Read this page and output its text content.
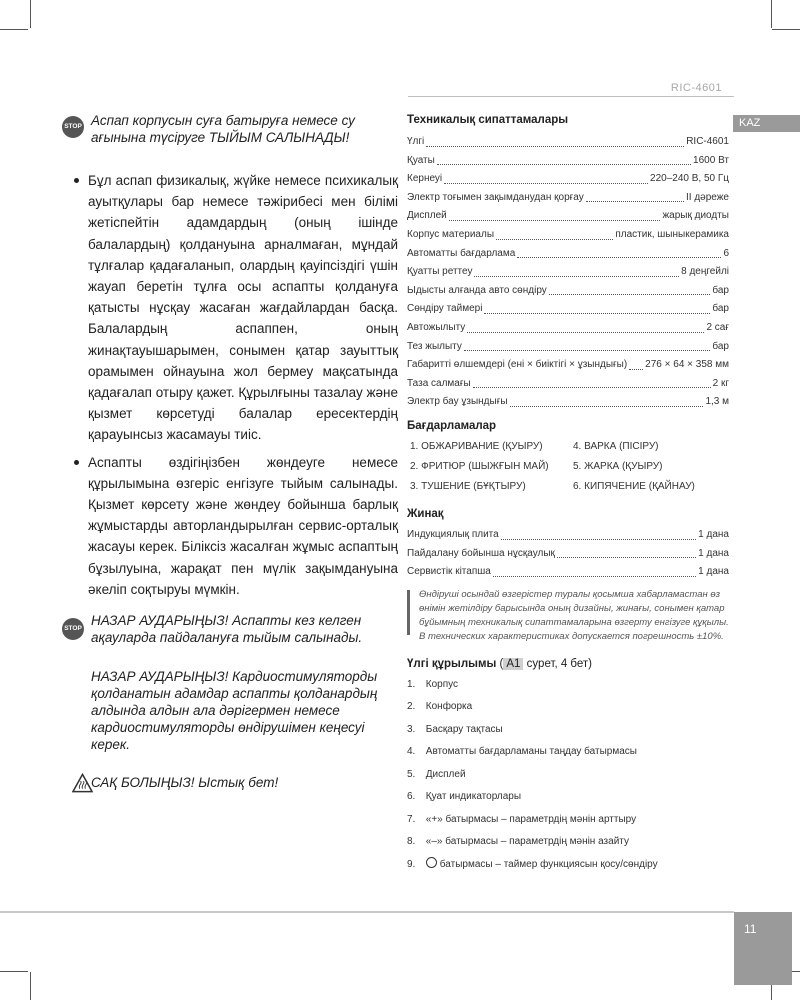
RIC-4601
KAZ
STOP Аспап корпусын суға батыруға немесе су ағынына түсіруге ТЫЙЫМ САЛЫНАДЫ!
Бұл аспап физикалық, жүйке немесе психикалық ауытқулары бар немесе тәжірибесі мен білімі жетіспейтін адамдардың (оның ішінде балалардың) қолдануына арналмаған, мұндай тұлғалар қадағаланып, олардың қауіпсіздігі үшін жауап беретін тұлға осы аспапты қолдануға қатысты нұсқау жасаған жағдайлардан басқа. Балалардың аспаппен, оның жинақтауышарымен, сонымен қатар зауыттық орамымен ойнауына жол бермеу мақсатында қадағалап отыру қажет. Құрылғыны тазалау және қызмет көрсетуді балалар ересектердің қарауынсыз жасамауы тиіс.
Аспапты өздігіңізбен жөндеуге немесе құрылымына өзгеріс енгізуге тыйым салынады. Қызмет көрсету және жөндеу бойынша барлық жұмыстарды авторландырылған сервис-орталық жасауы керек. Біліксіз жасалған жұмыс аспаптың бұзылуына, жарақат пен мүлік зақымдануына әкеліп соқтыруы мүмкін.
STOP
НАЗАР АУДАРЫҢЫЗ! Аспапты кез келген ақауларда пайдалануға тыйым салынады.
НАЗАР АУДАРЫҢЫЗ! Кардиостимуляторды қолданатын адамдар аспапты қолданардың алдында алдын ала дәрігермен немесе кардиостимуляторды өндірушімен кеңесуі керек.
САҚ БОЛЫҢЫЗ! Ыстық бет!
Техникалық сипаттамалары
Үлгі	RIC-4601
Қуаты	1600 Вт
Кернеуі	220–240 В, 50 Гц
Электр тоғымен зақымданудан қорғау	II дәреже
Дисплей	жарық диодты
Корпус материалы	пластик, шыныкерамика
Автоматты бағдарлама	6
Қуатты реттеу	8 деңгейлі
Ыдысты алғанда авто сөндіру	бар
Сөндіру таймері	бар
Автожылыту	2 сағ
Тез жылыту	бар
Габаритті өлшемдері (ені × биіктігі × ұзындығы) 276 × 64 × 358 мм
Таза салмағы	2 кг
Электр бау ұзындығы	1,3 м
Бағдарламалар
1. ОБЖАРИВАНИЕ (ҚУЫРУ)	4. ВАРКА (ПІСІРУ)
2. ФРИТЮР (ШЫЖҒЫН МАЙ)	5. ЖАРКА (ҚУЫРУ)
3. ТУШЕНИЕ (БҰҚТЫРУ)	6. КИПЯЧЕНИЕ (ҚАЙНАУ)
Жинақ
Индукциялық плита	1 дана
Пайдалану бойынша нұсқаулық	1 дана
Сервистік кітапша	1 дана
Өндіруші осындай өзгерістер туралы қосымша хабарламастан өз өнімін жетілдіру барысында оның дизайны, жинағы, сонымен қатар бұйымның техникалық сипаттамаларына өзгерту енгізуге құқылы. В технических характеристиках допускается погрешность ±10%.
Үлгі құрылымы ( A1 сурет, 4 бет)
1. Корпус
2. Конфорка
3. Басқару тақтасы
4. Автоматты бағдарламаны таңдау батырмасы
5. Дисплей
6. Қуат индикаторлары
7. «+» батырмасы – параметрдің мәнін арттыру
8. «–» батырмасы – параметрдің мәнін азайту
9. батырмасы – таймер функциясын қосу/сөндіру
11
